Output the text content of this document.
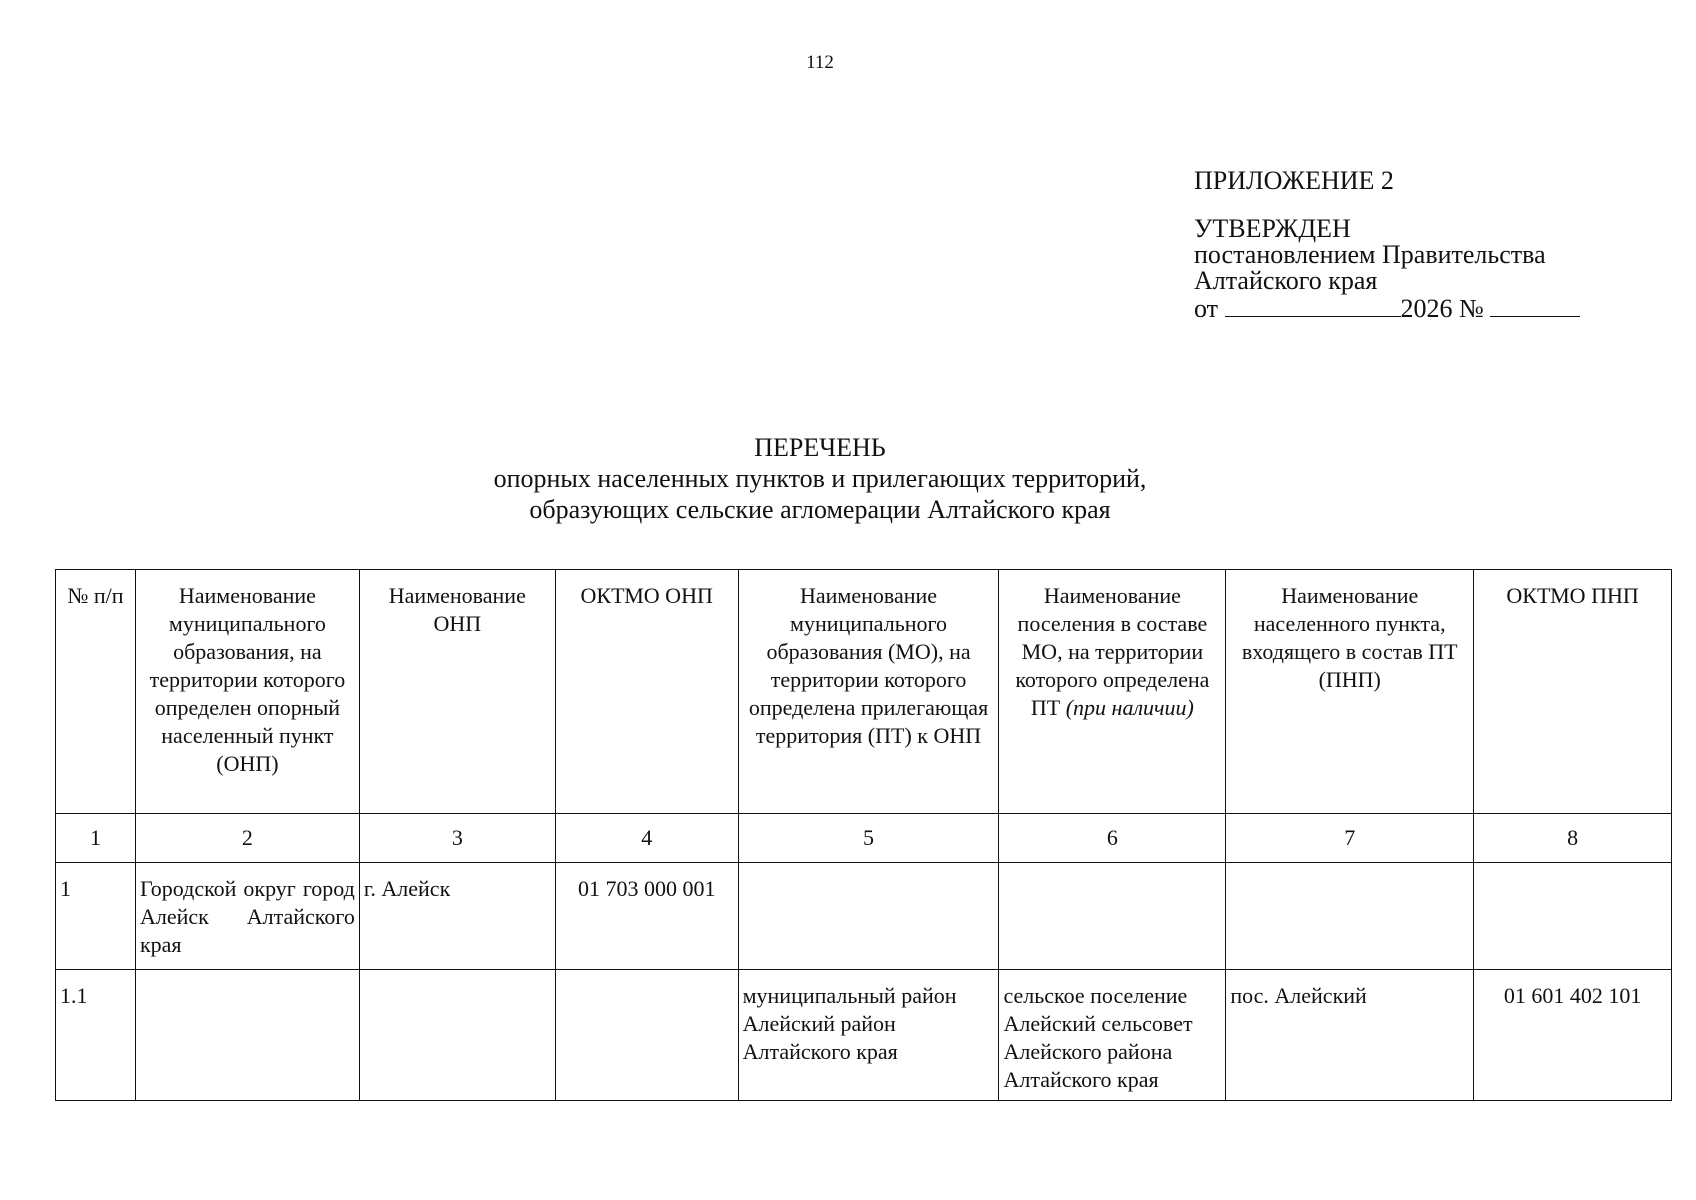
112
ПРИЛОЖЕНИЕ 2
УТВЕРЖДЕН
постановлением Правительства
Алтайского края
от	2026 №
ПЕРЕЧЕНЬ
опорных населенных пунктов и прилегающих территорий,
образующих сельские агломерации Алтайского края
№ п/п	Наименование муниципального образования, на территории которого определен опорный населенный пункт (ОНП)	Наименование ОНП	ОКТМО ОНП	Наименование муниципального образования (МО), на территории которого определена прилегающая территория (ПТ) к ОНП	Наименование поселения в составе МО, на территории которого определена ПТ (при наличии)	Наименование населенного пункта, входящего в состав ПТ (ПНП)	ОКТМО ПНП
1	2	3	4	5	6	7	8
1	Городской округ город Алейск Алтайского края	г. Алейск	01 703 000 001				
1.1				муниципальный район Алейский район Алтайского края	сельское поселение Алейский сельсовет Алейского района Алтайского края	пос. Алейский	01 601 402 101
